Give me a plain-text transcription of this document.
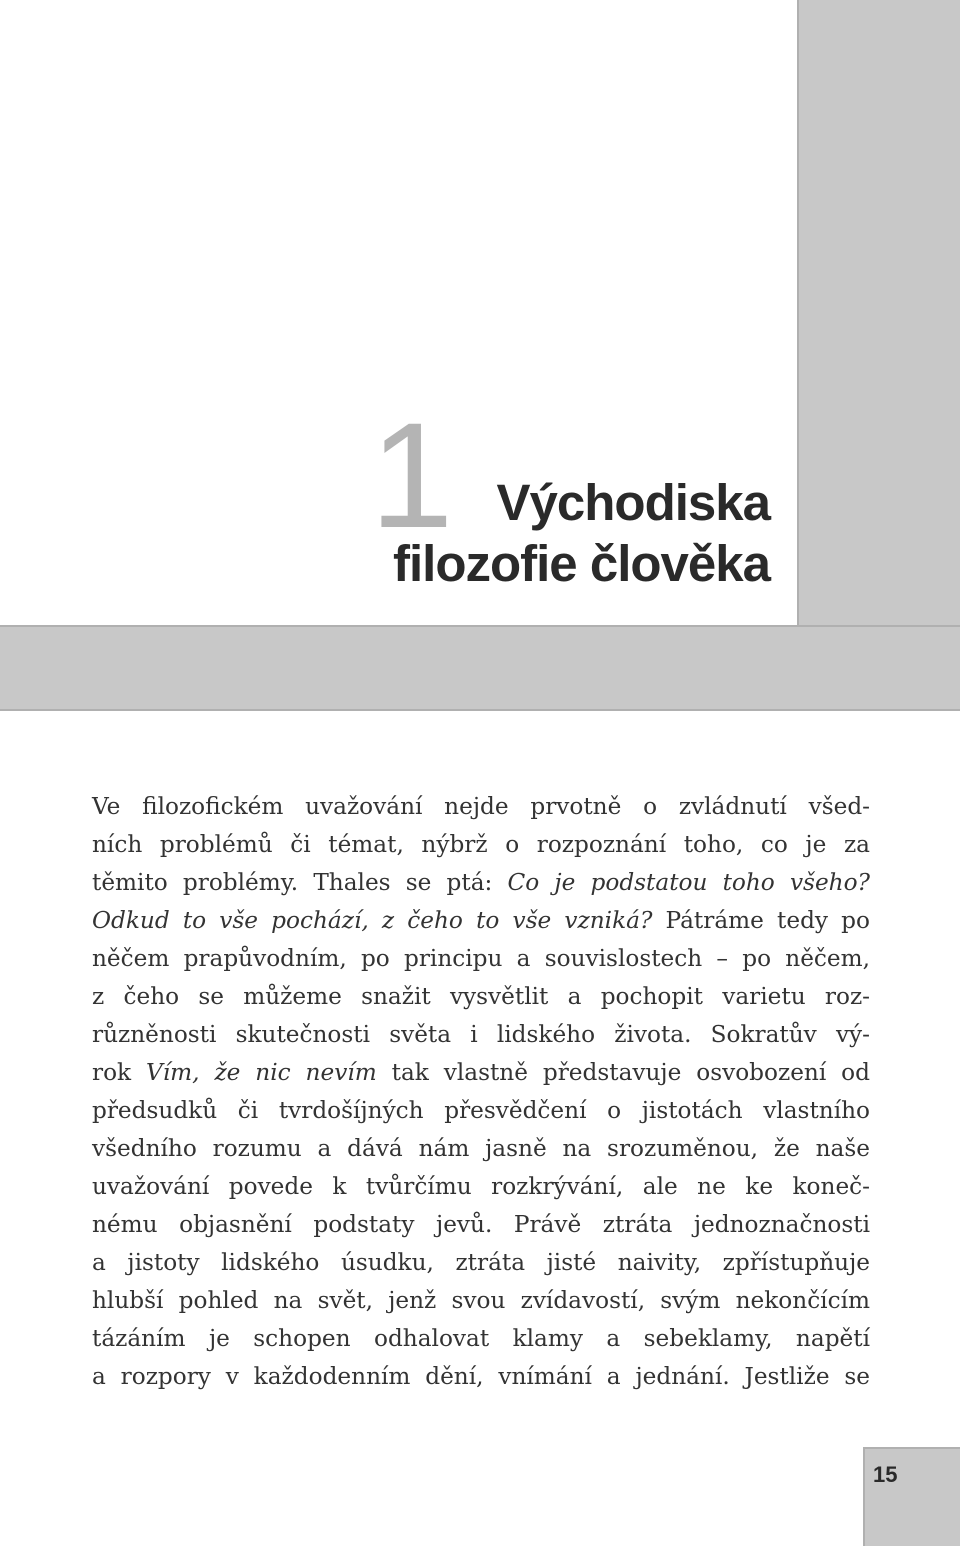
1 Východiska
filozofie člověka

Ve filozofickém uvažování nejde prvotně o zvládnutí všed-
ních problémů či témat, nýbrž o rozpoznání toho, co je za
těmito problémy. Thales se ptá: Co je podstatou toho všeho?
Odkud to vše pochází, z čeho to vše vzniká? Pátráme tedy po
něčem prapůvodním, po principu a souvislostech – po něčem,
z čeho se můžeme snažit vysvětlit a pochopit varietu roz-
různěnosti skutečnosti světa i lidského života. Sokratův vý-
rok Vím, že nic nevím tak vlastně představuje osvobození od
předsudků či tvrdošíjných přesvědčení o jistotách vlastního
všedního rozumu a dává nám jasně na srozuměnou, že naše
uvažování povede k tvůrčímu rozkrývání, ale ne ke koneč-
nému objasnění podstaty jevů. Právě ztráta jednoznačnosti
a jistoty lidského úsudku, ztráta jisté naivity, zpřístupňuje
hlubší pohled na svět, jenž svou zvídavostí, svým nekončícím
tázáním je schopen odhalovat klamy a sebeklamy, napětí
a rozpory v každodenním dění, vnímání a jednání. Jestliže se

15
